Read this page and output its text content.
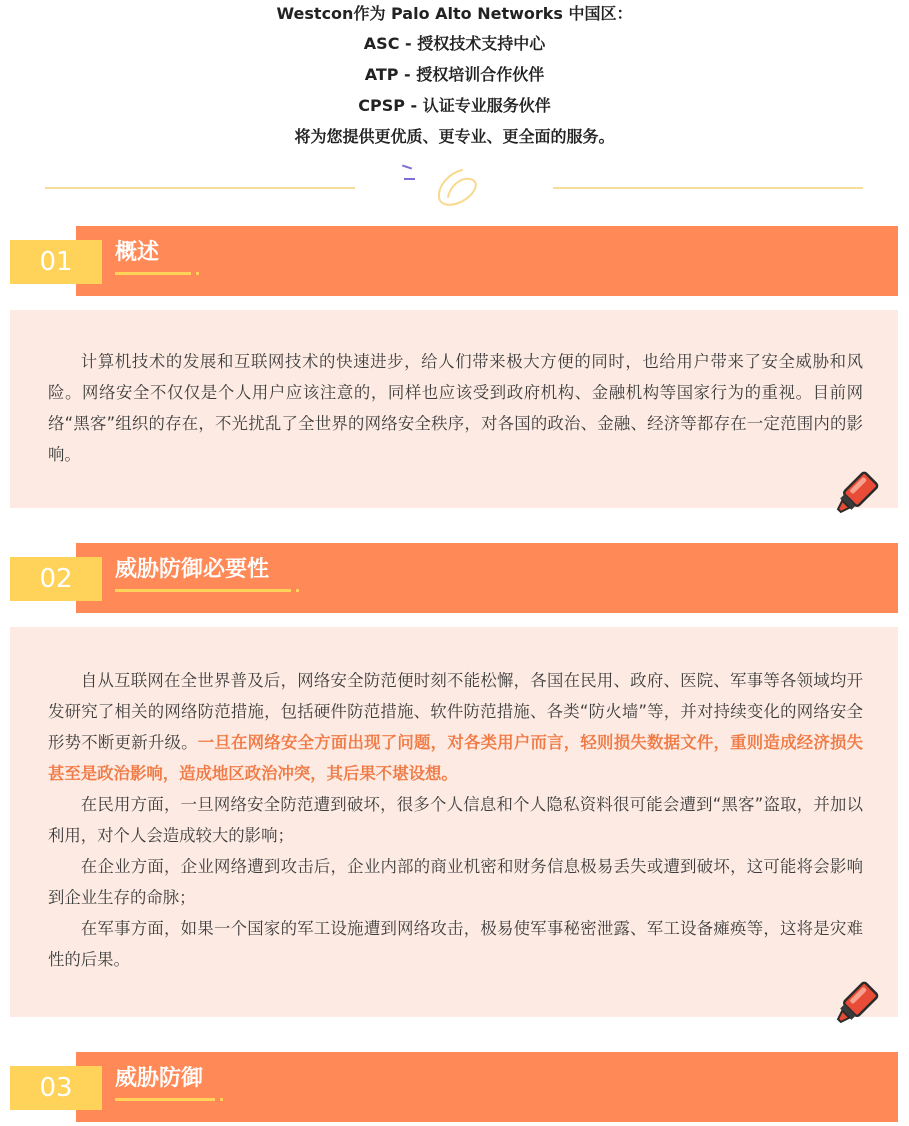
Westcon作为 Palo Alto Networks 中国区：
ASC - 授权技术支持中心
ATP - 授权培训合作伙伴
CPSP - 认证专业服务伙伴
将为您提供更优质、更专业、更全面的服务。
01	概述

计算机技术的发展和互联网技术的快速进步，给人们带来极大方便的同时，也给用户带来了安全威胁和风险。网络安全不仅仅是个人用户应该注意的，同样也应该受到政府机构、金融机构等国家行为的重视。目前网络“黑客”组织的存在，不光扰乱了全世界的网络安全秩序，对各国的政治、金融、经济等都存在一定范围内的影响。

02	威胁防御必要性

自从互联网在全世界普及后，网络安全防范便时刻不能松懈，各国在民用、政府、医院、军事等各领域均开发研究了相关的网络防范措施，包括硬件防范措施、软件防范措施、各类“防火墙”等，并对持续变化的网络安全形势不断更新升级。一旦在网络安全方面出现了问题，对各类用户而言，轻则损失数据文件，重则造成经济损失甚至是政治影响，造成地区政治冲突，其后果不堪设想。

在民用方面，一旦网络安全防范遭到破坏，很多个人信息和个人隐私资料很可能会遭到“黑客”盗取，并加以利用，对个人会造成较大的影响；

在企业方面，企业网络遭到攻击后，企业内部的商业机密和财务信息极易丢失或遭到破坏，这可能将会影响到企业生存的命脉；

在军事方面，如果一个国家的军工设施遭到网络攻击，极易使军事秘密泄露、军工设备瘫痪等，这将是灾难性的后果。

03	威胁防御
